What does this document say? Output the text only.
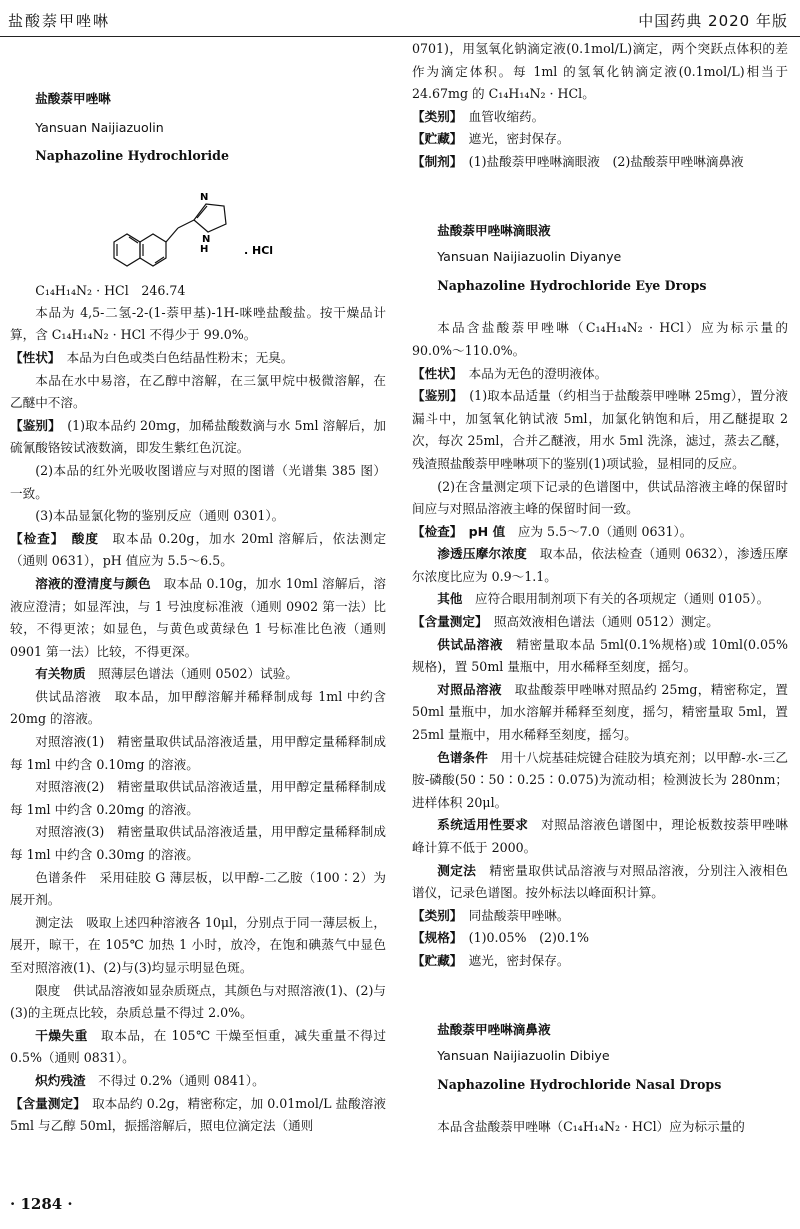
盐酸萘甲唑啉	中国药典 2020 年版

盐酸萘甲唑啉

Yansuan Naijiazuolin

Naphazoline Hydrochloride

N
N
H	. HCl

C₁₄H₁₄N₂ · HCl　246.74

本品为 4,5-二氢-2-(1-萘甲基)-1H-咪唑盐酸盐。按干燥品计算，含 C₁₄H₁₄N₂ · HCl 不得少于 99.0%。

【性状】　 本品为白色或类白色结晶性粉末；无臭。

本品在水中易溶，在乙醇中溶解，在三氯甲烷中极微溶解，在乙醚中不溶。

【鉴别】　 (1)取本品约 20mg，加稀盐酸数滴与水 5ml 溶解后，加硫氰酸铬铵试液数滴，即发生紫红色沉淀。

(2)本品的红外光吸收图谱应与对照的图谱（光谱集 385 图）一致。

(3)本品显氯化物的鉴别反应（通则 0301）。

【检查】　 酸度　 取本品 0.20g，加水 20ml 溶解后，依法测定（通则 0631），pH 值应为 5.5～6.5。

溶液的澄清度与颜色　 取本品 0.10g，加水 10ml 溶解后，溶液应澄清；如显浑浊，与 1 号浊度标准液（通则 0902 第一法）比较，不得更浓；如显色，与黄色或黄绿色 1 号标准比色液（通则 0901 第一法）比较，不得更深。

有关物质　 照薄层色谱法（通则 0502）试验。

供试品溶液　取本品，加甲醇溶解并稀释制成每 1ml 中约含 20mg 的溶液。

对照溶液(1)　精密量取供试品溶液适量，用甲醇定量稀释制成每 1ml 中约含 0.10mg 的溶液。

对照溶液(2)　精密量取供试品溶液适量，用甲醇定量稀释制成每 1ml 中约含 0.20mg 的溶液。

对照溶液(3)　精密量取供试品溶液适量，用甲醇定量稀释制成每 1ml 中约含 0.30mg 的溶液。

色谱条件　采用硅胶 G 薄层板，以甲醇-二乙胺（100∶2）为展开剂。

测定法　吸取上述四种溶液各 10μl，分别点于同一薄层板上，展开，晾干，在 105℃ 加热 1 小时，放冷，在饱和碘蒸气中显色至对照溶液(1)、(2)与(3)均显示明显色斑。

限度　供试品溶液如显杂质斑点，其颜色与对照溶液(1)、(2)与(3)的主斑点比较，杂质总量不得过 2.0%。

干燥失重　 取本品，在 105℃ 干燥至恒重，减失重量不得过 0.5%（通则 0831）。

炽灼残渣　 不得过 0.2%（通则 0841）。

【含量测定】　 取本品约 0.2g，精密称定，加 0.01mol/L 盐酸溶液 5ml 与乙醇 50ml，振摇溶解后，照电位滴定法（通则

0701)，用氢氧化钠滴定液(0.1mol/L)滴定，两个突跃点体积的差作为滴定体积。每 1ml 的氢氧化钠滴定液(0.1mol/L)相当于 24.67mg 的 C₁₄H₁₄N₂ · HCl。

【类别】　 血管收缩药。

【贮藏】　 遮光，密封保存。

【制剂】　 (1)盐酸萘甲唑啉滴眼液　(2)盐酸萘甲唑啉滴鼻液

盐酸萘甲唑啉滴眼液

Yansuan Naijiazuolin Diyanye

Naphazoline Hydrochloride Eye Drops

本品含盐酸萘甲唑啉（C₁₄H₁₄N₂ · HCl）应为标示量的 90.0%～110.0%。

【性状】　 本品为无色的澄明液体。

【鉴别】　 (1)取本品适量（约相当于盐酸萘甲唑啉 25mg），置分液漏斗中，加氢氧化钠试液 5ml，加氯化钠饱和后，用乙醚提取 2 次，每次 25ml，合并乙醚液，用水 5ml 洗涤，滤过，蒸去乙醚，残渣照盐酸萘甲唑啉项下的鉴别(1)项试验，显相同的反应。

(2)在含量测定项下记录的色谱图中，供试品溶液主峰的保留时间应与对照品溶液主峰的保留时间一致。

【检查】　 pH 值　 应为 5.5～7.0（通则 0631）。

渗透压摩尔浓度　 取本品，依法检查（通则 0632），渗透压摩尔浓度比应为 0.9～1.1。

其他　 应符合眼用制剂项下有关的各项规定（通则 0105）。

【含量测定】　 照高效液相色谱法（通则 0512）测定。

供试品溶液　 精密量取本品 5ml(0.1%规格)或 10ml(0.05%规格)，置 50ml 量瓶中，用水稀释至刻度，摇匀。

对照品溶液　 取盐酸萘甲唑啉对照品约 25mg，精密称定，置 50ml 量瓶中，加水溶解并稀释至刻度，摇匀，精密量取 5ml，置 25ml 量瓶中，用水稀释至刻度，摇匀。

色谱条件　 用十八烷基硅烷键合硅胶为填充剂；以甲醇-水-三乙胺-磷酸(50∶50∶0.25∶0.075)为流动相；检测波长为 280nm；进样体积 20μl。

系统适用性要求　 对照品溶液色谱图中，理论板数按萘甲唑啉峰计算不低于 2000。

测定法　 精密量取供试品溶液与对照品溶液，分别注入液相色谱仪，记录色谱图。按外标法以峰面积计算。

【类别】　 同盐酸萘甲唑啉。

【规格】　 (1)0.05%　(2)0.1%

【贮藏】　 遮光，密封保存。

盐酸萘甲唑啉滴鼻液

Yansuan Naijiazuolin Dibiye

Naphazoline Hydrochloride Nasal Drops

本品含盐酸萘甲唑啉（C₁₄H₁₄N₂ · HCl）应为标示量的

· 1284 ·
